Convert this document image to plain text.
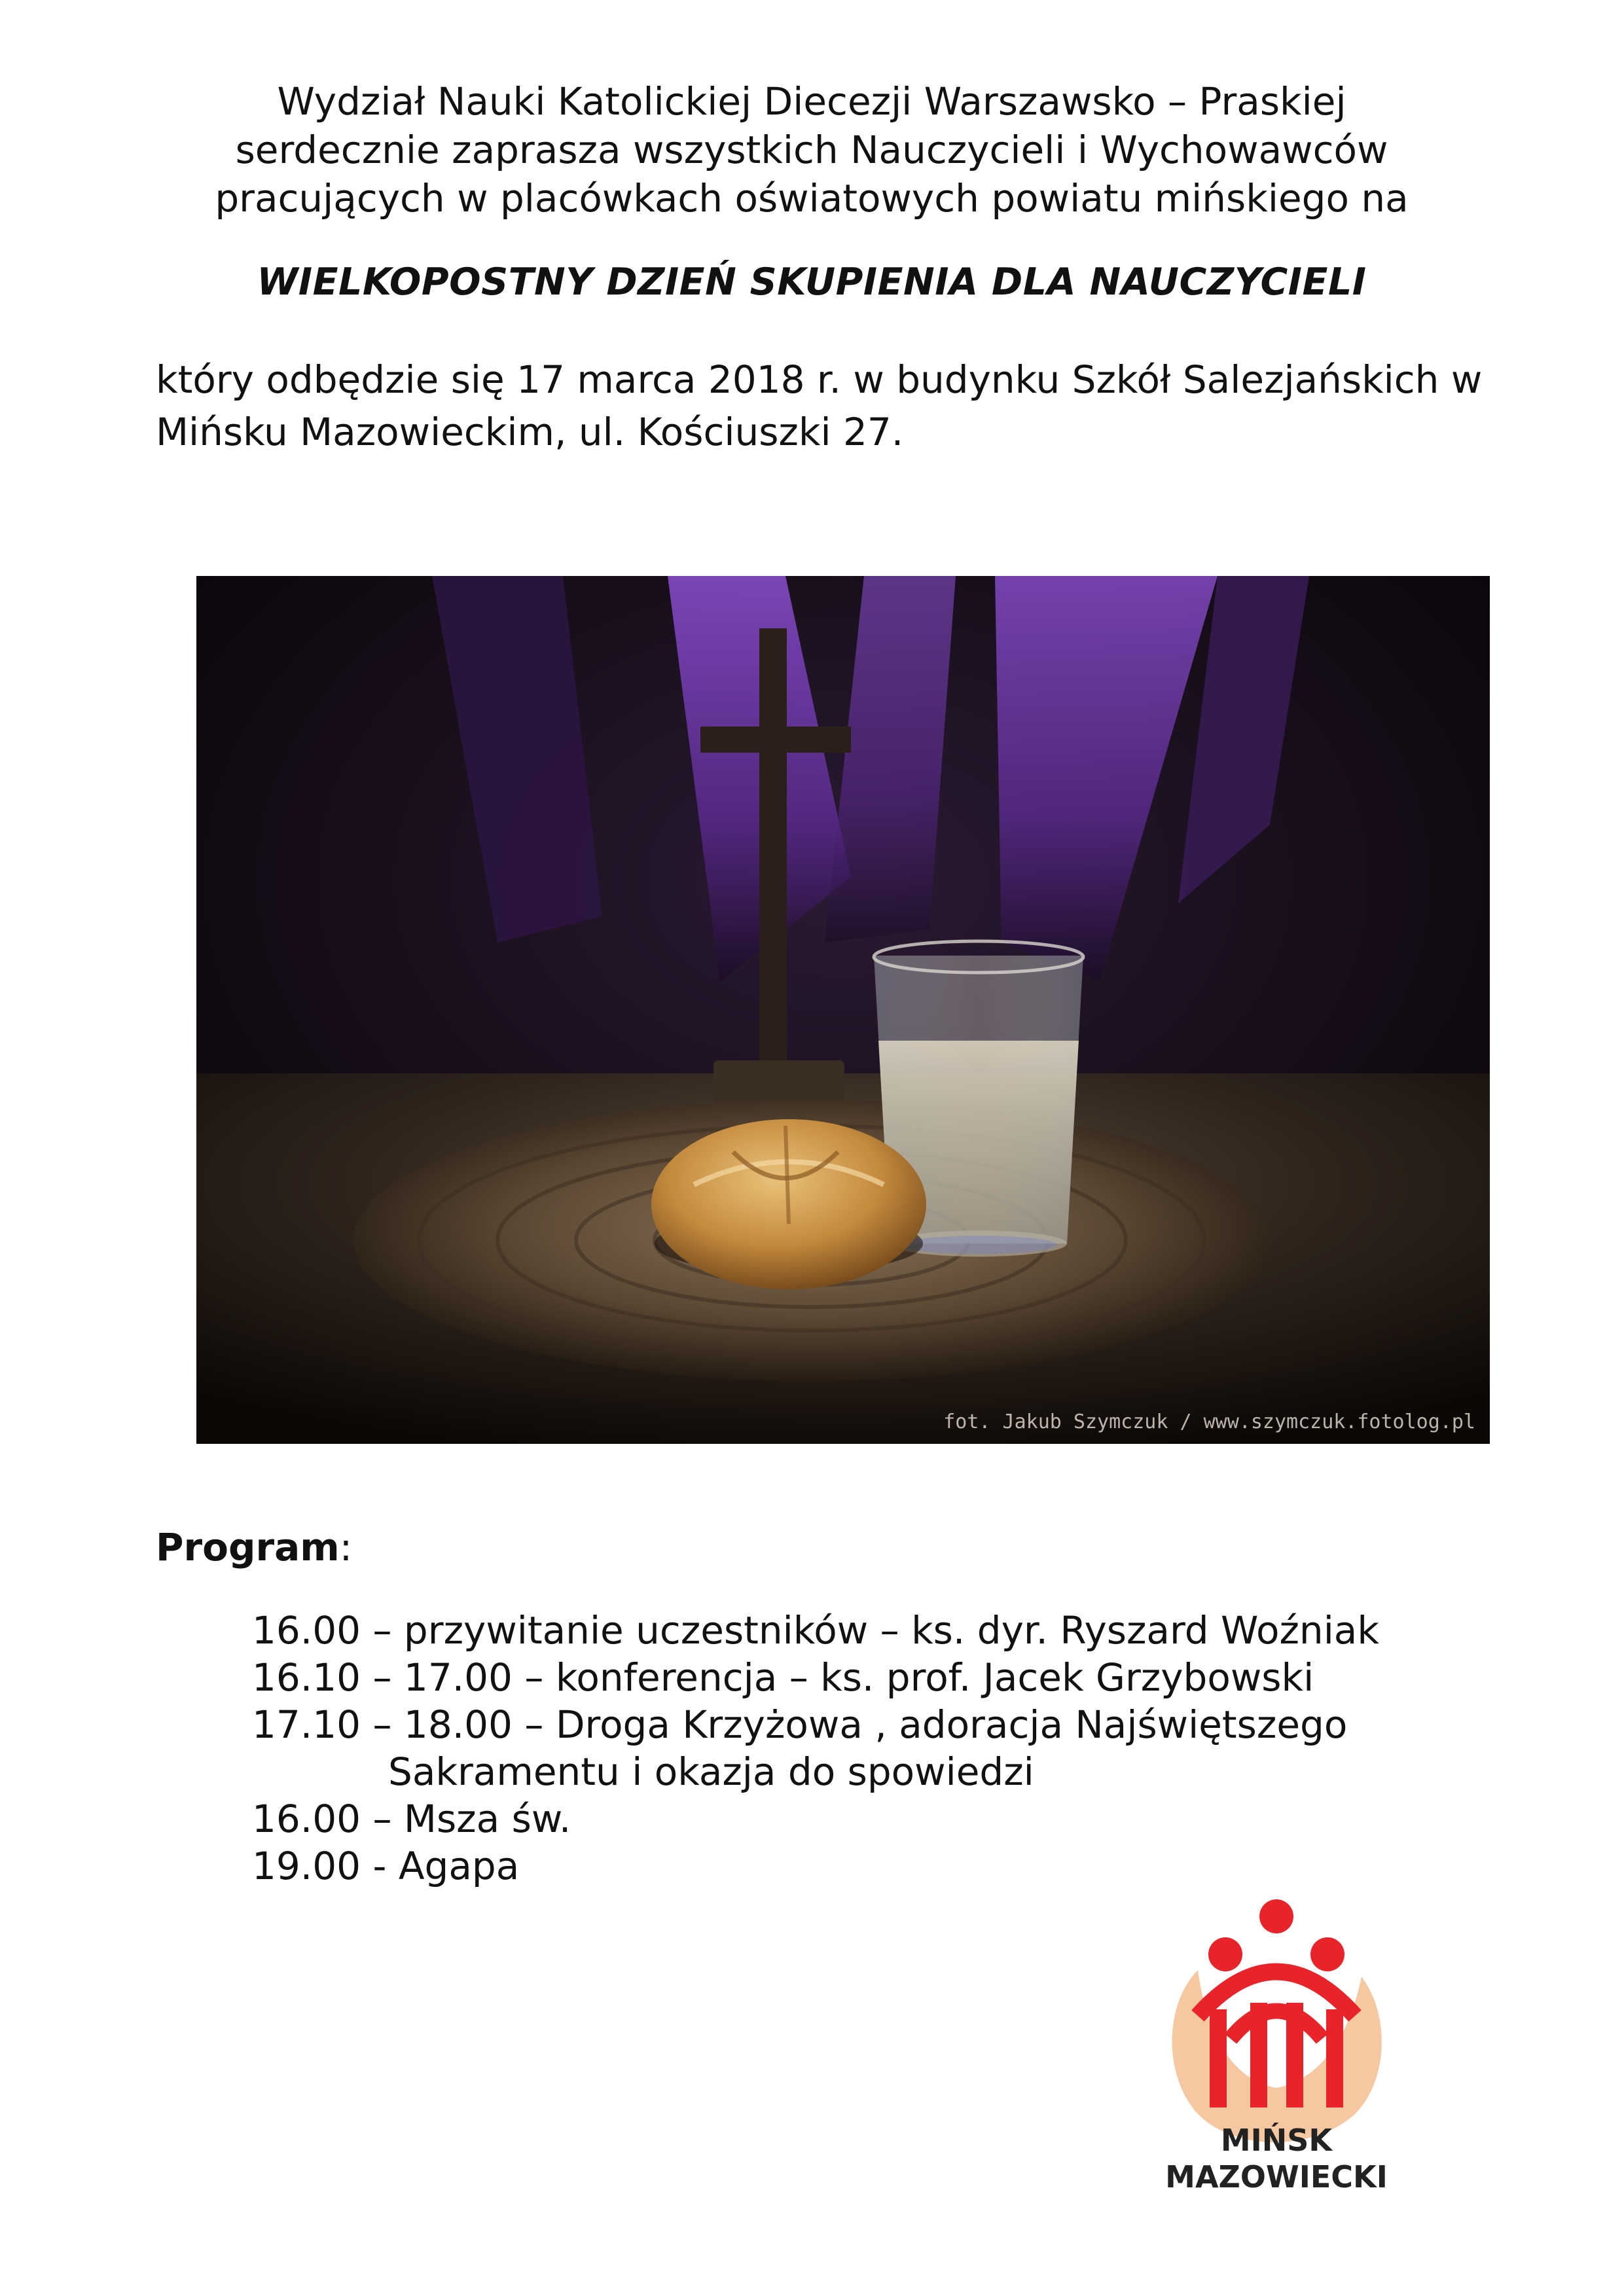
Wydział Nauki Katolickiej Diecezji Warszawsko – Praskiej
serdecznie zaprasza wszystkich Nauczycieli i Wychowawców
pracujących w placówkach oświatowych powiatu mińskiego na
WIELKOPOSTNY DZIEŃ SKUPIENIA DLA NAUCZYCIELI
który odbędzie się 17 marca 2018 r. w budynku Szkół Salezjańskich w
Mińsku Mazowieckim, ul. Kościuszki 27.
fot. Jakub Szymczuk / www.szymczuk.fotolog.pl
Program:
16.00 – przywitanie uczestników – ks. dyr. Ryszard Woźniak
16.10 – 17.00 – konferencja – ks. prof. Jacek Grzybowski
17.10 – 18.00 – Droga Krzyżowa , adoracja Najświętszego
Sakramentu i okazja do spowiedzi
16.00 – Msza św.
19.00 - Agapa
MIŃSK
MAZOWIECKI
